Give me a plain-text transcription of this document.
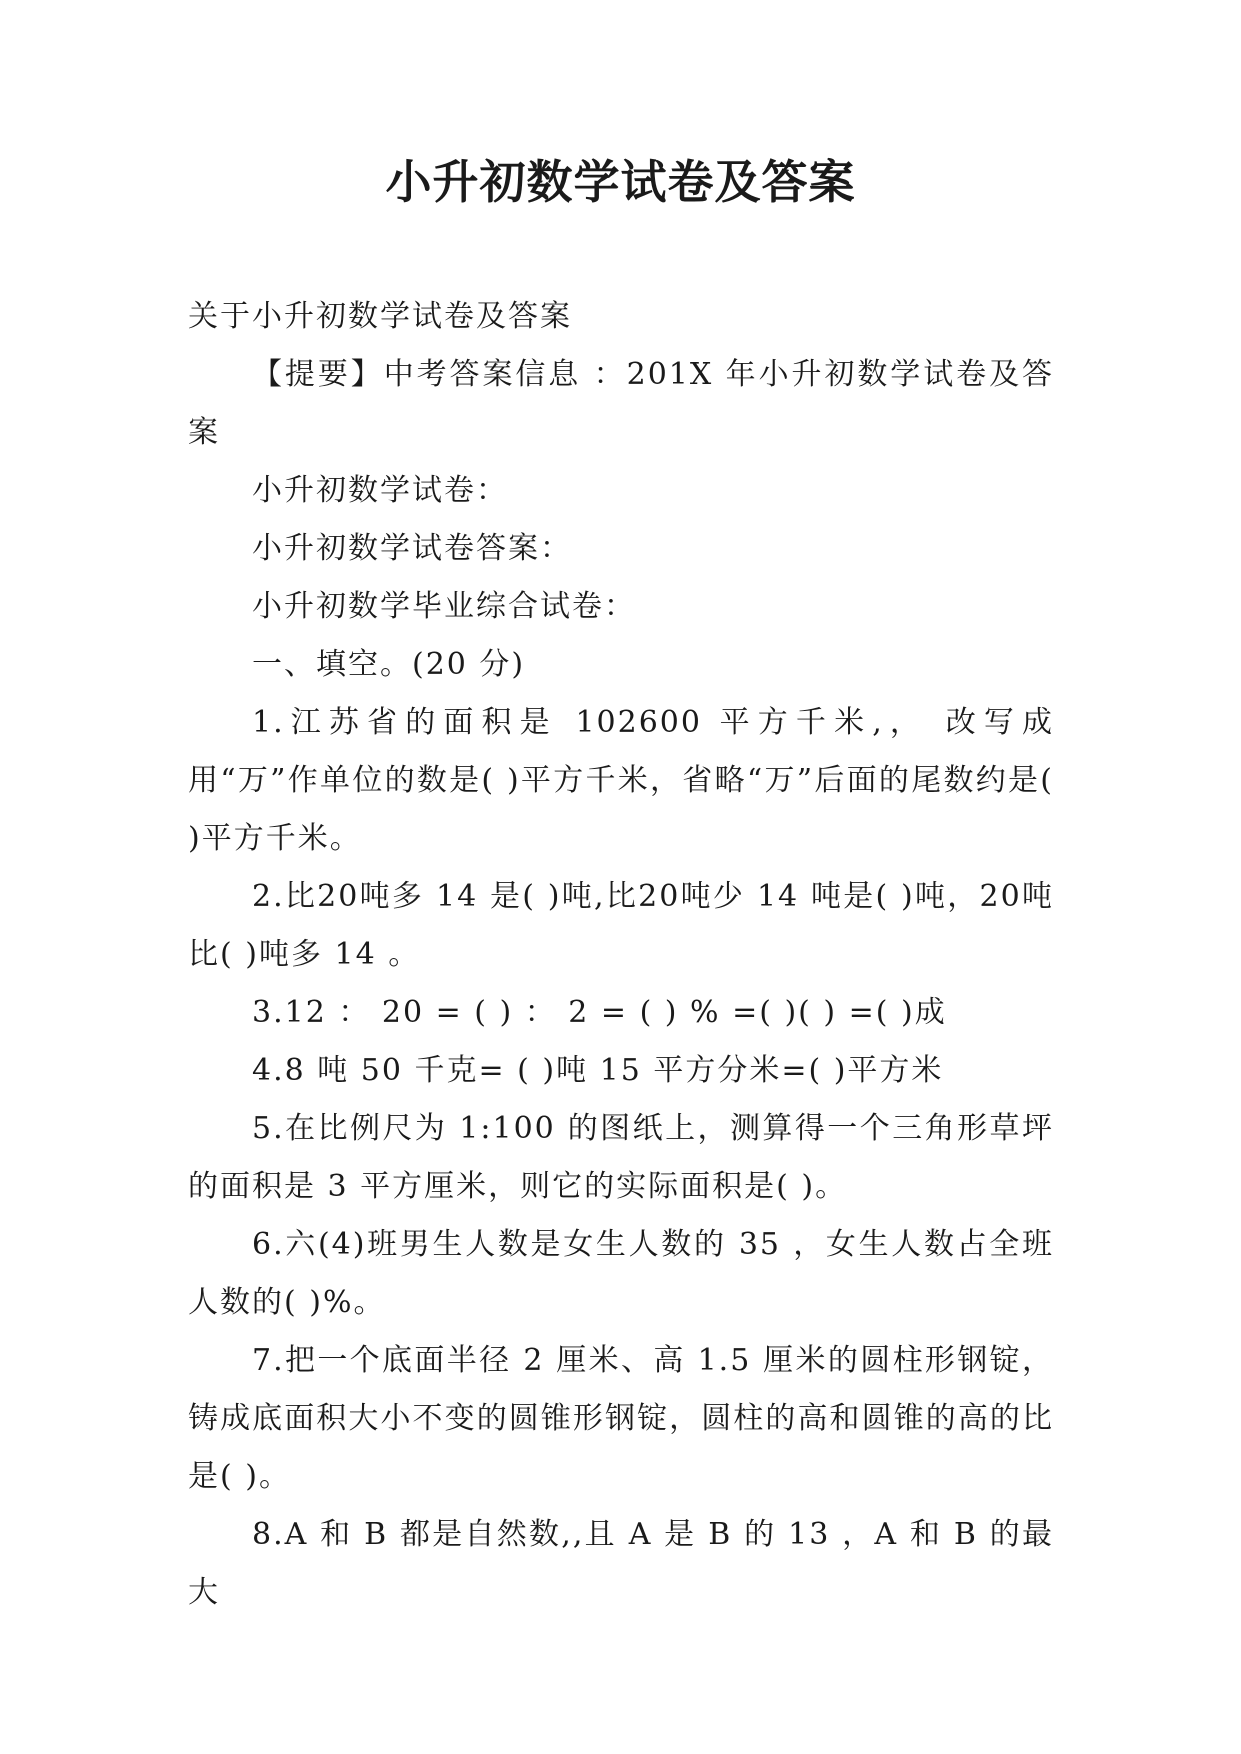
小升初数学试卷及答案

关于小升初数学试卷及答案

【提要】中考答案信息 ：201X 年小升初数学试卷及答案

小升初数学试卷：

小升初数学试卷答案：

小升初数学毕业综合试卷：

一、填空。(20 分)

1.江苏省的面积是 102600 平方千米,， 改写成用“万”作单位的数是( )平方千米，省略“万”后面的尾数约是( )平方千米。

2.比20吨多 14 是( )吨,比20吨少 14 吨是( )吨，20吨比( )吨多 14 。

3.12 ： 20 = ( ) ： 2 = ( ) % =( )( ) =( )成

4.8 吨 50 千克= ( )吨 15 平方分米=( )平方米

5.在比例尺为 1:100 的图纸上，测算得一个三角形草坪的面积是 3 平方厘米，则它的实际面积是( )。

6.六(4)班男生人数是女生人数的 35 ，女生人数占全班人数的( )%。

7.把一个底面半径 2 厘米、高 1.5 厘米的圆柱形钢锭，铸成底面积大小不变的圆锥形钢锭，圆柱的高和圆锥的高的比是( )。

8.A 和 B 都是自然数,,且 A 是 B 的 13 ，A 和 B 的最大
